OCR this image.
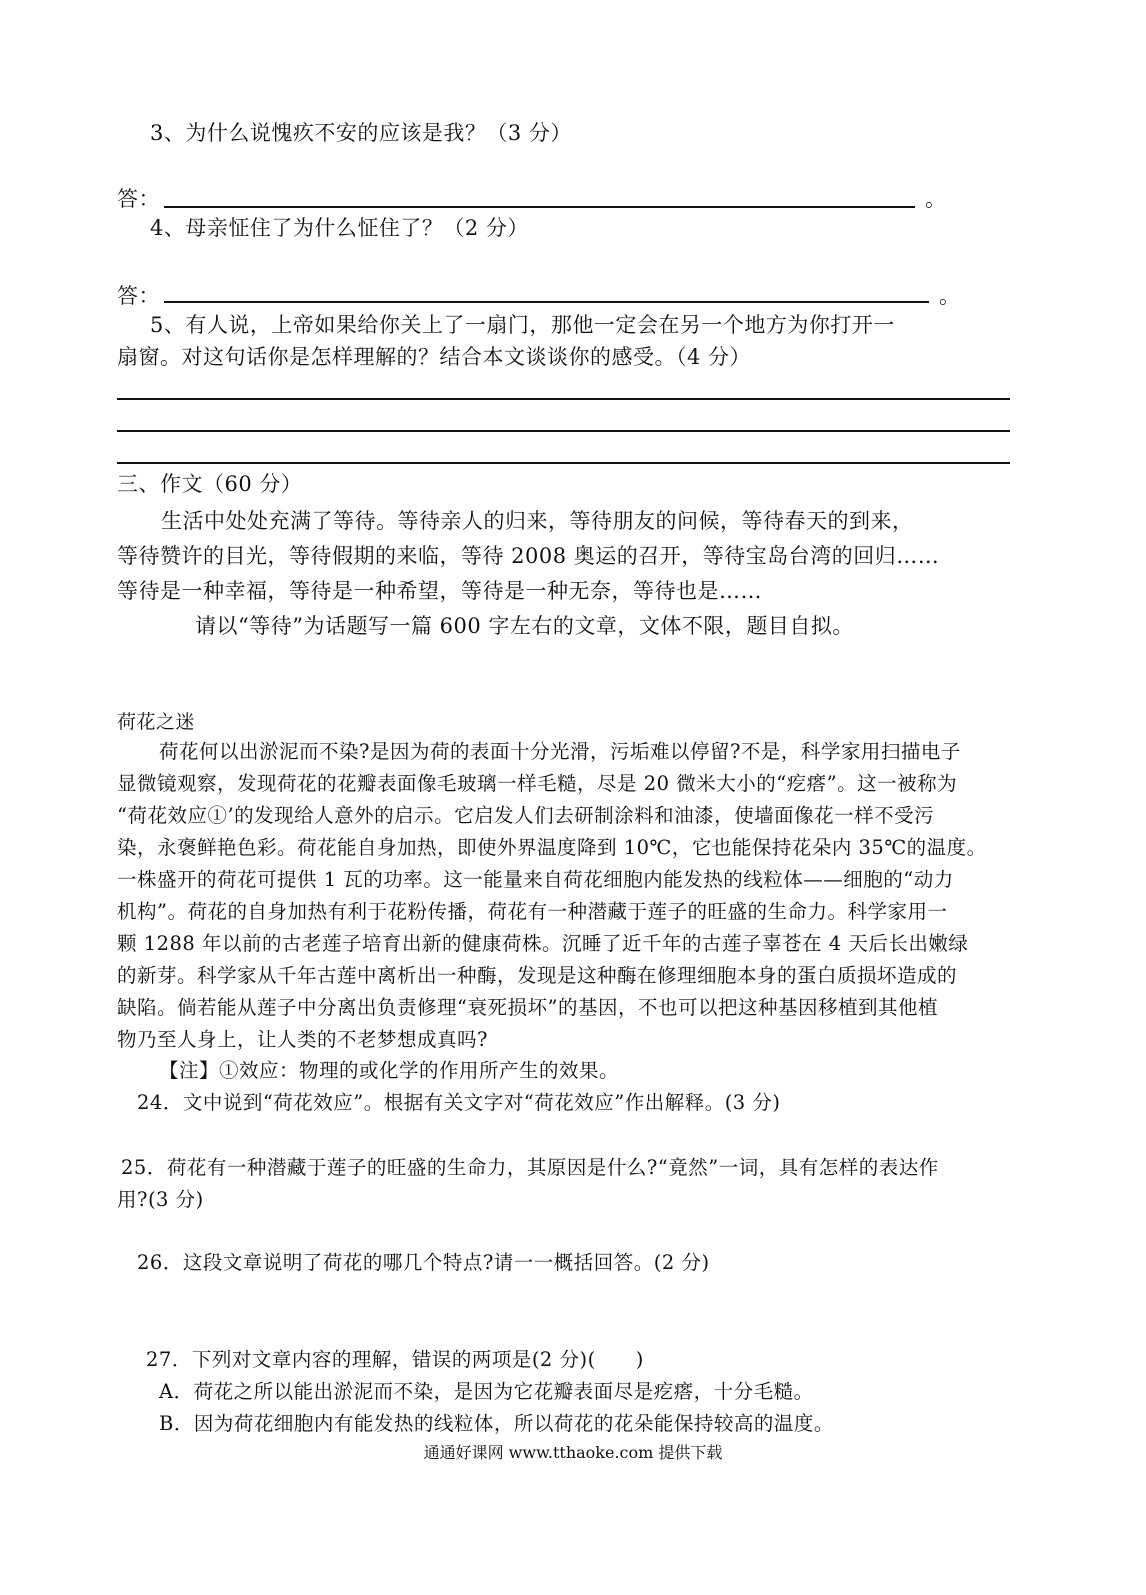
3、为什么说愧疚不安的应该是我？（3 分）
答：	。
4、母亲怔住了为什么怔住了？（2 分）
答：	。
5、有人说，上帝如果给你关上了一扇门，那他一定会在另一个地方为你打开一
扇窗。对这句话你是怎样理解的？结合本文谈谈你的感受。（4 分）
三、作文（60 分）
生活中处处充满了等待。等待亲人的归来，等待朋友的问候，等待春天的到来，
等待赞许的目光，等待假期的来临，等待 2008 奥运的召开，等待宝岛台湾的回归……
等待是一种幸福，等待是一种希望，等待是一种无奈，等待也是……
请以“等待”为话题写一篇 600 字左右的文章，文体不限，题目自拟。
荷花之迷
荷花何以出淤泥而不染?是因为荷的表面十分光滑，污垢难以停留?不是，科学家用扫描电子
显微镜观察，发现荷花的花瓣表面像毛玻璃一样毛糙，尽是 20 微米大小的“疙瘩”。这一被称为
“荷花效应①’的发现给人意外的启示。它启发人们去研制涂料和油漆，使墙面像花一样不受污
染，永褒鲜艳色彩。荷花能自身加热，即使外界温度降到 10℃，它也能保持花朵内 35℃的温度。
一株盛开的荷花可提供 1 瓦的功率。这一能量来自荷花细胞内能发热的线粒体——细胞的“动力
机构”。荷花的自身加热有利于花粉传播，荷花有一种潜藏于莲子的旺盛的生命力。科学家用一
颗 1288 年以前的古老莲子培育出新的健康荷株。沉睡了近千年的古莲子辜苍在 4 天后长出嫩绿
的新芽。科学家从千年古莲中离析出一种酶，发现是这种酶在修理细胞本身的蛋白质损坏造成的
缺陷。倘若能从莲子中分离出负责修理“衰死损坏”的基因，不也可以把这种基因移植到其他植
物乃至人身上，让人类的不老梦想成真吗?
【注】①效应：物理的或化学的作用所产生的效果。
24．文中说到“荷花效应”。根据有关文字对“荷花效应”作出解释。(3 分)
25．荷花有一种潜藏于莲子的旺盛的生命力，其原因是什么?“竟然”一词，具有怎样的表达作
用?(3 分)
26．这段文章说明了荷花的哪几个特点?请一一概括回答。(2 分)
27．下列对文章内容的理解，错误的两项是(2 分)(　　)
A．荷花之所以能出淤泥而不染，是因为它花瓣表面尽是疙瘩，十分毛糙。
B．因为荷花细胞内有能发热的线粒体，所以荷花的花朵能保持较高的温度。
通通好课网 www.tthaoke.com 提供下载
